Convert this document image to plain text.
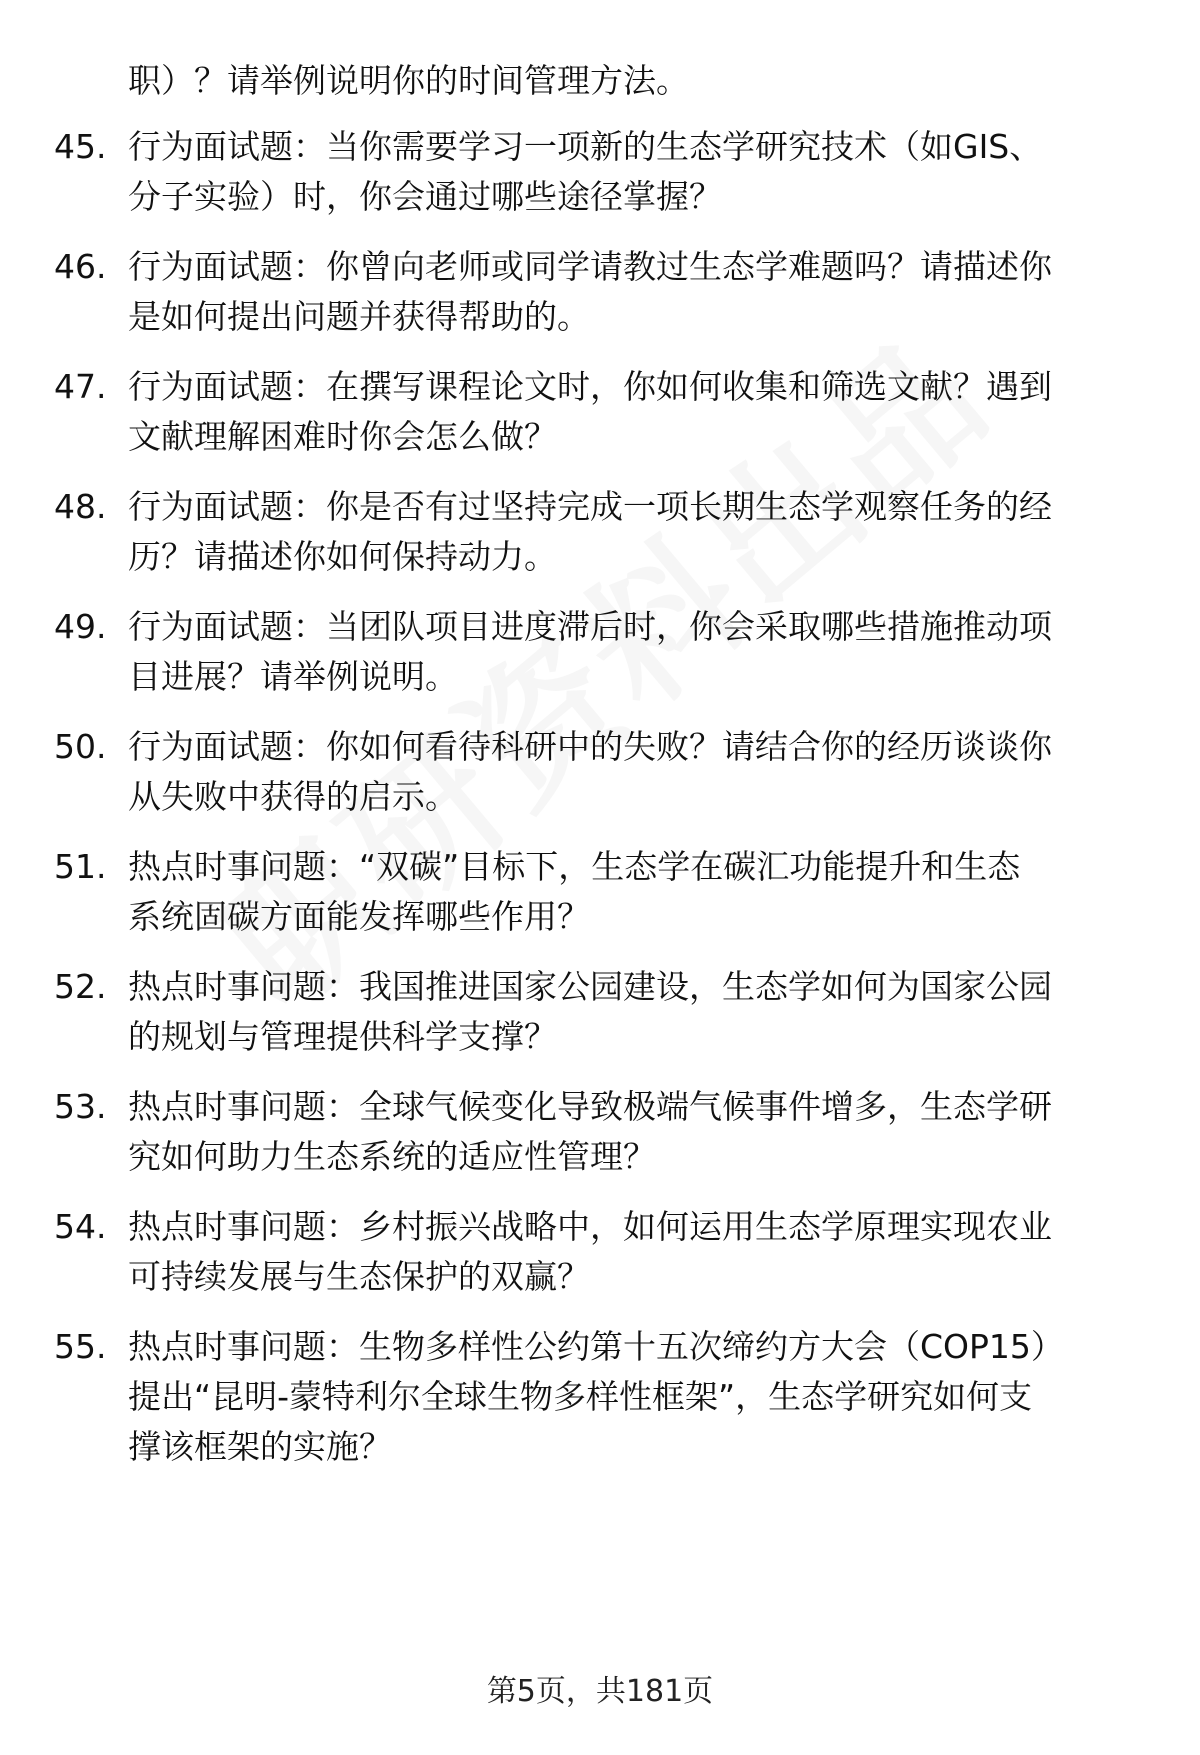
职）？请举例说明你的时间管理方法。
45. 行为面试题：当你需要学习一项新的生态学研究技术（如GIS、
分子实验）时，你会通过哪些途径掌握？
46. 行为面试题：你曾向老师或同学请教过生态学难题吗？请描述你
是如何提出问题并获得帮助的。
47. 行为面试题：在撰写课程论文时，你如何收集和筛选文献？遇到
文献理解困难时你会怎么做？
48. 行为面试题：你是否有过坚持完成一项长期生态学观察任务的经
历？请描述你如何保持动力。
49. 行为面试题：当团队项目进度滞后时，你会采取哪些措施推动项
目进展？请举例说明。
50. 行为面试题：你如何看待科研中的失败？请结合你的经历谈谈你
从失败中获得的启示。
51. 热点时事问题：“双碳”目标下，生态学在碳汇功能提升和生态
系统固碳方面能发挥哪些作用？
52. 热点时事问题：我国推进国家公园建设，生态学如何为国家公园
的规划与管理提供科学支撑？
53. 热点时事问题：全球气候变化导致极端气候事件增多，生态学研
究如何助力生态系统的适应性管理？
54. 热点时事问题：乡村振兴战略中，如何运用生态学原理实现农业
可持续发展与生态保护的双赢？
55. 热点时事问题：生物多样性公约第十五次缔约方大会（COP15）
提出“昆明-蒙特利尔全球生物多样性框架”，生态学研究如何支
撑该框架的实施？
第5页，共181页
